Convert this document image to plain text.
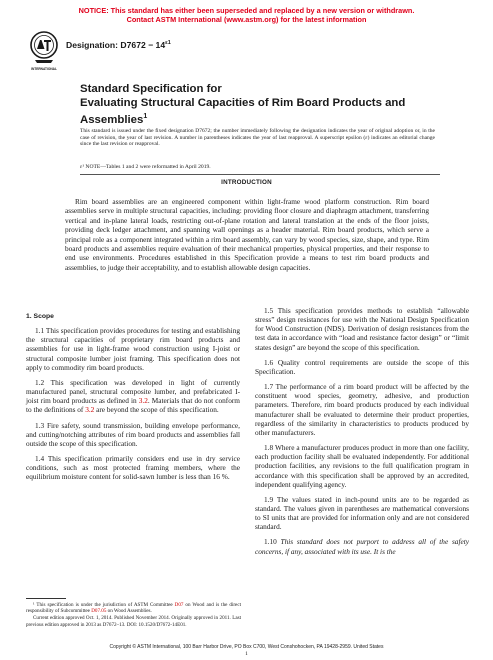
NOTICE: This standard has either been superseded and replaced by a new version or withdrawn.
Contact ASTM International (www.astm.org) for the latest information
INTERNATIONAL
Designation: $D7672 - 14^{\varepsilon 1}$
Standard Specification for
Evaluating Structural Capacities of Rim Board Products and
Assemblies$^1$
This standard is issued under the fixed designation D7672; the number immediately following the designation indicates the year of original adoption or, in the case of revision, the year of last revision. A number in parentheses indicates the year of last reapproval. A superscript epsilon (ε) indicates an editorial change since the last revision or reapproval.
ε¹ NOTE—Tables 1 and 2 were reformatted in April 2019.
INTRODUCTION
Rim board assemblies are an engineered component within light-frame wood platform construction. Rim board assemblies serve in multiple structural capacities, including: providing floor closure and diaphragm attachment, transferring vertical and in-plane lateral loads, restricting out-of-plane rotation and lateral translation at the ends of the floor joists, providing deck ledger attachment, and spanning wall openings as a header material. Rim board products, which serve a principal role as a component integrated within a rim board assembly, can vary by wood species, size, shape, and type. Rim board products and assemblies require evaluation of their mechanical properties, physical properties, and their response to end use environments. Procedures established in this Specification provide a means to test rim board products and assemblies, to judge their acceptability, and to establish allowable design capacities.

1. Scope

1.1 This specification provides procedures for testing and establishing the structural capacities of proprietary rim board products and assemblies for use in light-frame wood construction using I-joist or structural composite lumber joist framing. This specification does not apply to commodity rim board products.

1.2 This specification was developed in light of currently manufactured panel, structural composite lumber, and prefabricated I-joist rim board products as defined in 3.2. Materials that do not conform to the definitions of 3.2 are beyond the scope of this specification.

1.3 Fire safety, sound transmission, building envelope performance, and cutting/notching attributes of rim board products and assemblies fall outside the scope of this specification.

1.4 This specification primarily considers end use in dry service conditions, such as most protected framing members, where the equilibrium moisture content for solid-sawn lumber is less than 16 %.

1.5 This specification provides methods to establish “allowable stress” design resistances for use with the National Design Specification for Wood Construction (NDS). Derivation of design resistances from the test data in accordance with “load and resistance factor design” or “limit states design” are beyond the scope of this specification.

1.6 Quality control requirements are outside the scope of this Specification.

1.7 The performance of a rim board product will be affected by the constituent wood species, geometry, adhesive, and production parameters. Therefore, rim board products produced by each individual manufacturer shall be evaluated to determine their product properties, regardless of the similarity in characteristics to products produced by other manufacturers.

1.8 Where a manufacturer produces product in more than one facility, each production facility shall be evaluated independently. For additional production facilities, any revisions to the full qualification program in accordance with this specification shall be approved by an accredited, independent qualifying agency.

1.9 The values stated in inch-pound units are to be regarded as standard. The values given in parentheses are mathematical conversions to SI units that are provided for information only and are not considered standard.

1.10 This standard does not purport to address all of the safety concerns, if any, associated with its use. It is the

¹ This specification is under the jurisdiction of ASTM Committee D07 on Wood and is the direct responsibility of Subcommittee D07.05 on Wood Assemblies.

Current edition approved Oct. 1, 2014. Published November 2014. Originally approved in 2011. Last previous edition approved in 2013 as D7672–13. DOI: 10.1520/D7672-14E01.

Copyright © ASTM International, 100 Barr Harbor Drive, PO Box C700, West Conshohocken, PA 19428-2959. United States
1
